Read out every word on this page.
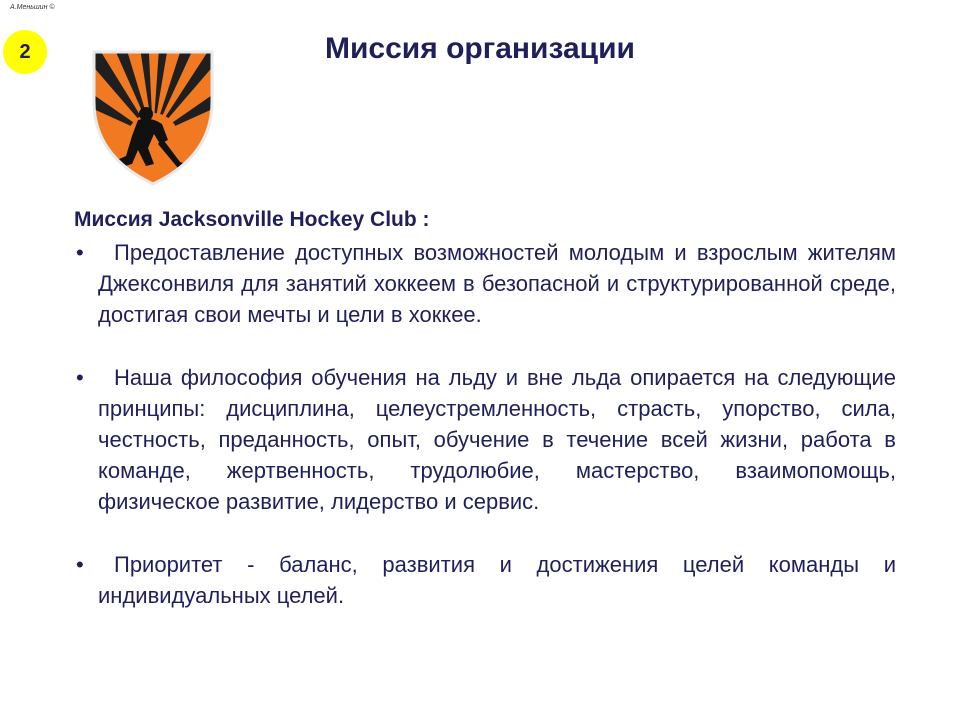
А.Меньшин ©
2	Миссия организации
Миссия Jacksonville Hockey Club :
•	Предоставление доступных возможностей молодым и взрослым жителям Джексонвиля для занятий хоккеем в безопасной и структурированной среде, достигая свои мечты и цели в хоккее.
•	Наша философия обучения на льду и вне льда опирается на следующие принципы: дисциплина, целеустремленность, страсть, упорство, сила, честность, преданность, опыт, обучение в течение всей жизни, работа в команде, жертвенность, трудолюбие, мастерство, взаимопомощь, физическое развитие, лидерство и сервис.
•	Приоритет - баланс, развития и достижения целей команды и индивидуальных целей.
